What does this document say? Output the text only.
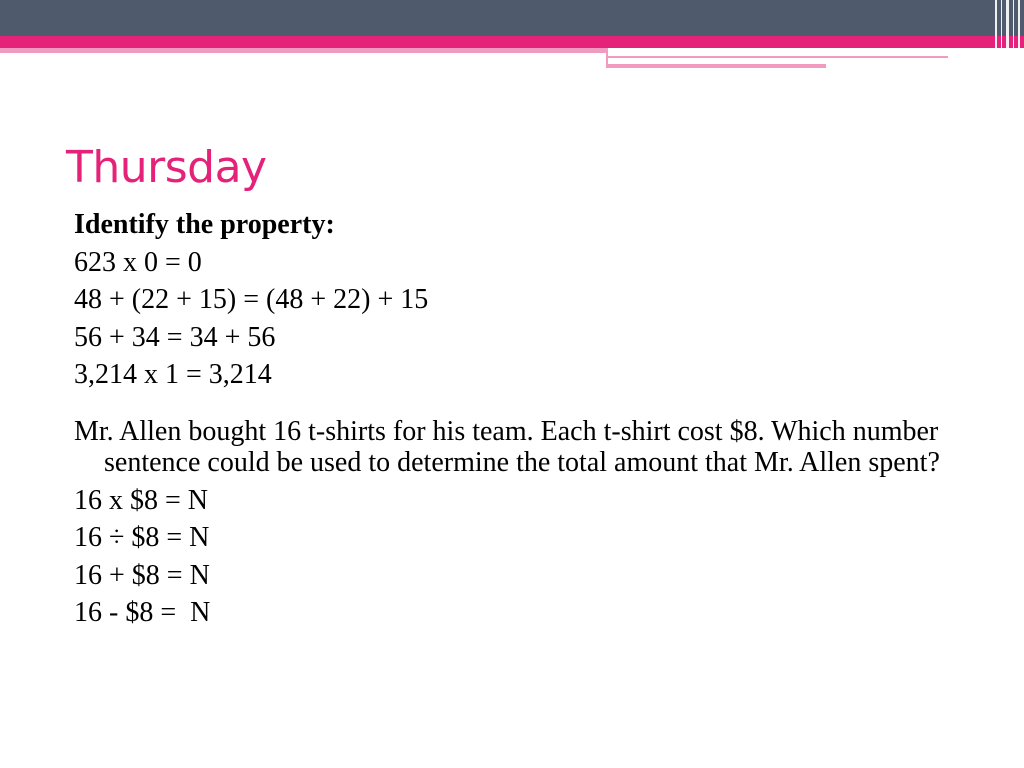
Thursday
Identify the property:
623 x 0 = 0
48 + (22 + 15) = (48 + 22) + 15
56 + 34 = 34 + 56
3,214 x 1 = 3,214
Mr. Allen bought 16 t-shirts for his team. Each t-shirt cost $8. Which number sentence could be used to determine the total amount that Mr. Allen spent?
16 x $8 = N
16 ÷ $8 = N
16 + $8 = N
16 - $8 =  N
